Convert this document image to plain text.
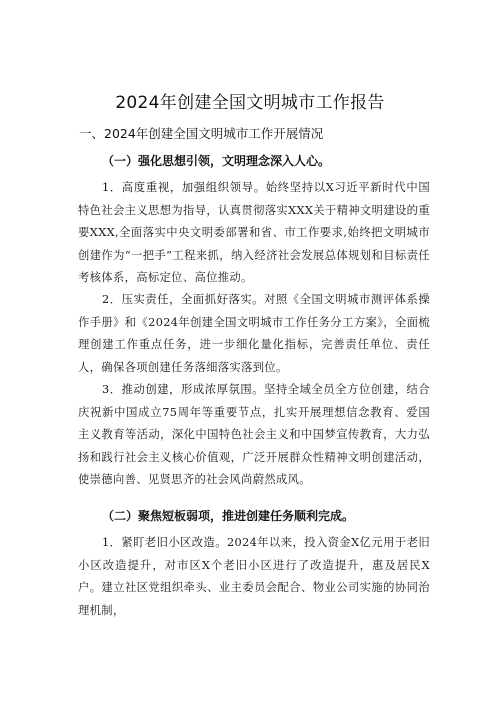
2024年创建全国文明城市工作报告
一、2024年创建全国文明城市工作开展情况
（一）强化思想引领，文明理念深入人心。

1．高度重视，加强组织领导。始终坚持以X习近平新时代中国特色社会主义思想为指导，认真贯彻落实XXX关于精神文明建设的重要XXX,全面落实中央文明委部署和省、市工作要求,始终把文明城市创建作为“一把手”工程来抓，纳入经济社会发展总体规划和目标责任考核体系，高标定位、高位推动。

2．压实责任，全面抓好落实。对照《全国文明城市测评体系操作手册》和《2024年创建全国文明城市工作任务分工方案》，全面梳理创建工作重点任务，进一步细化量化指标，完善责任单位、责任人，确保各项创建任务落细落实落到位。

3．推动创建，形成浓厚氛围。坚持全域全员全方位创建，结合庆祝新中国成立75周年等重要节点，扎实开展理想信念教育、爱国主义教育等活动，深化中国特色社会主义和中国梦宣传教育，大力弘扬和践行社会主义核心价值观，广泛开展群众性精神文明创建活动，使崇德向善、见贤思齐的社会风尚蔚然成风。

（二）聚焦短板弱项，推进创建任务顺利完成。

1．紧盯老旧小区改造。2024年以来，投入资金X亿元用于老旧小区改造提升，对市区X个老旧小区进行了改造提升，惠及居民X户。建立社区党组织牵头、业主委员会配合、物业公司实施的协同治理机制，
